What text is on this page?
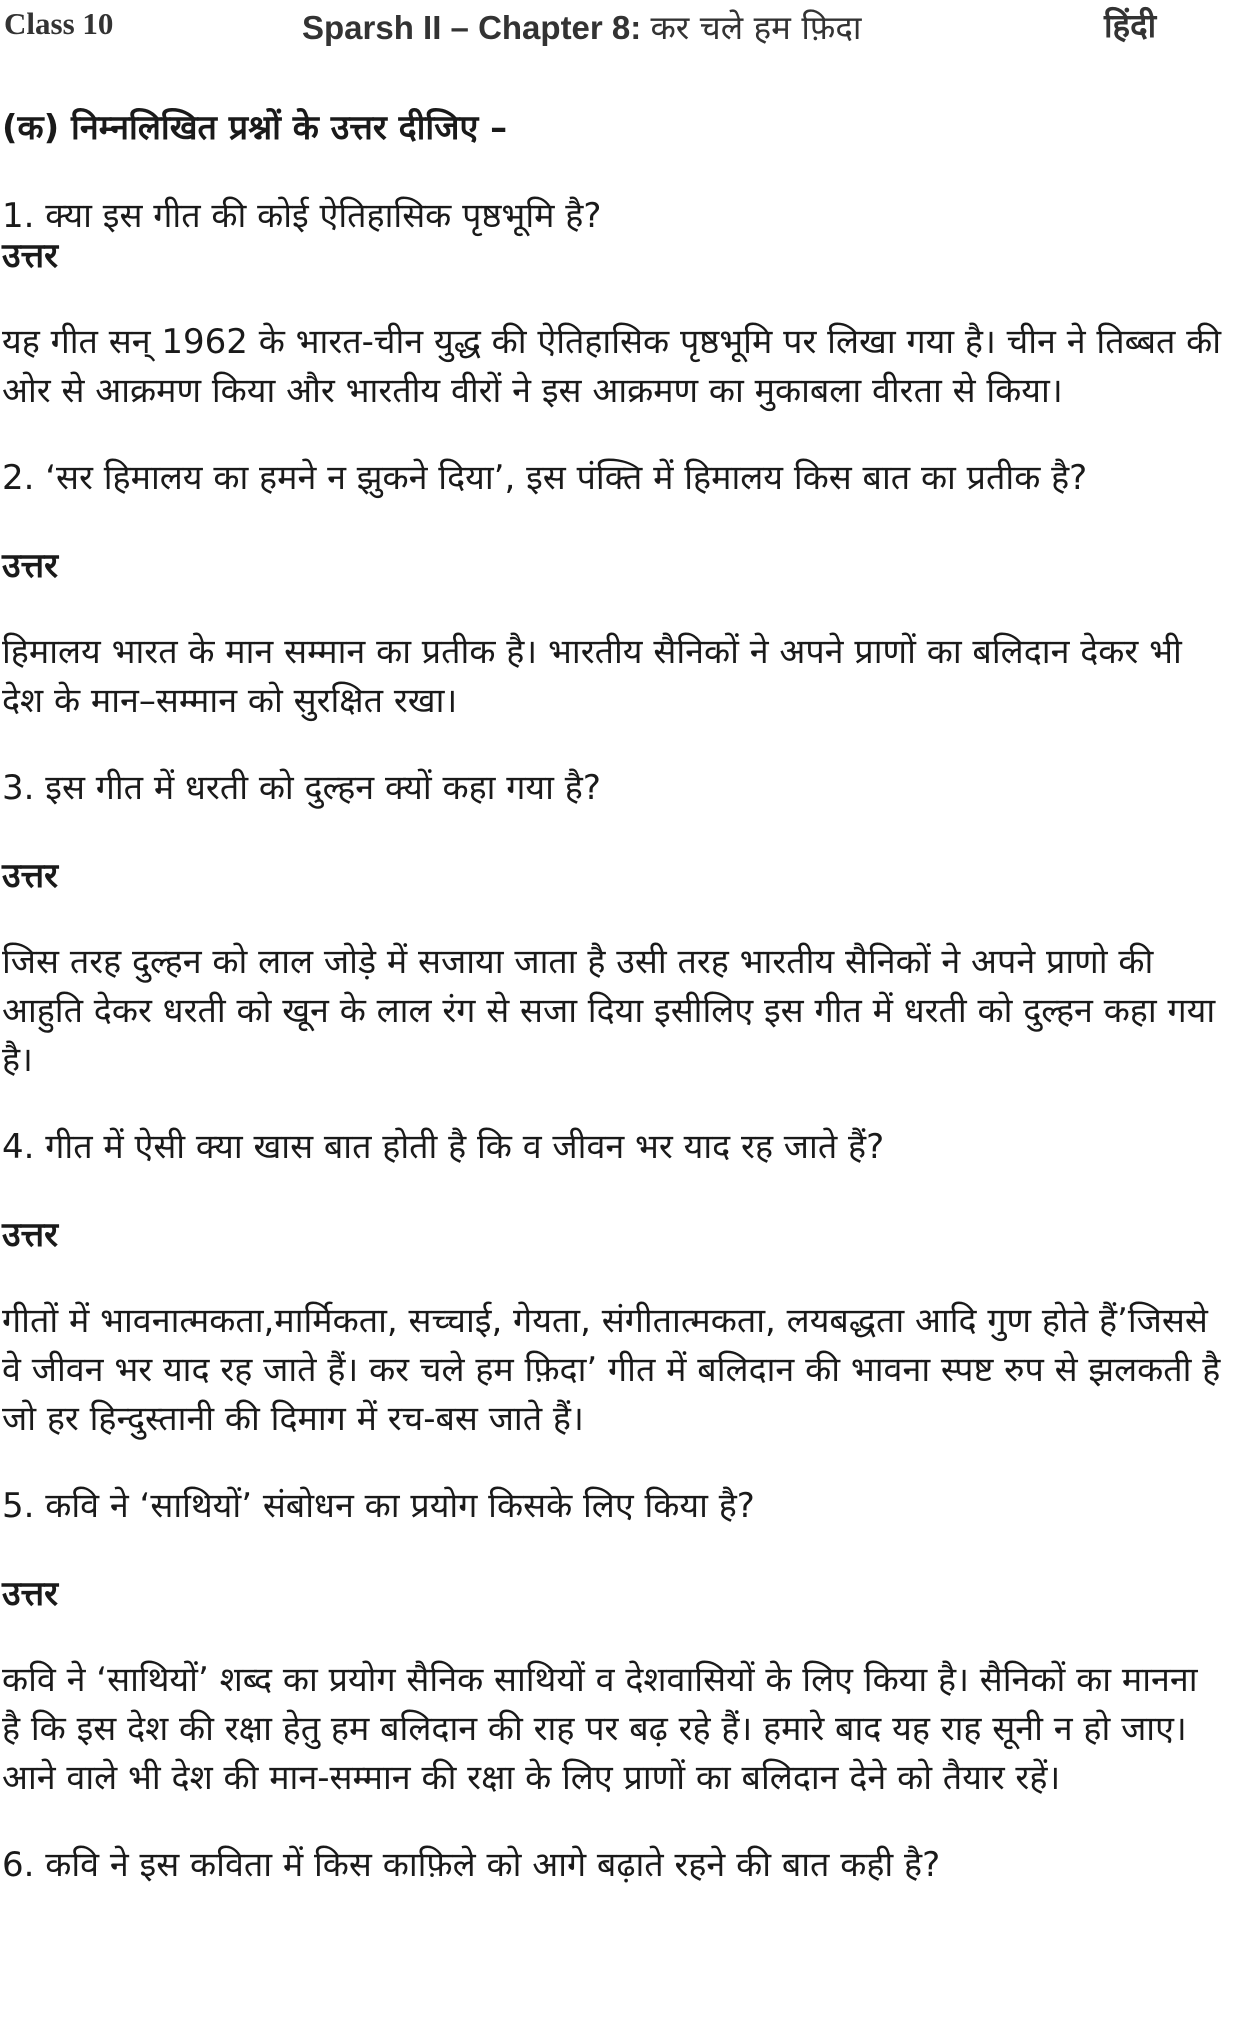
Class 10	Sparsh II – Chapter 8: कर चले हम फ़िदा	हिंदी
(क) निम्नलिखित प्रश्नों के उत्तर दीजिए –

1. क्या इस गीत की कोई ऐतिहासिक पृष्ठभूमि है?

उत्तर

यह गीत सन् 1962 के भारत-चीन युद्ध की ऐतिहासिक पृष्ठभूमि पर लिखा गया है। चीन ने तिब्बत की ओर से आक्रमण किया और भारतीय वीरों ने इस आक्रमण का मुकाबला वीरता से किया।

2. ‘सर हिमालय का हमने न झुकने दिया’, इस पंक्ति में हिमालय किस बात का प्रतीक है?

उत्तर

हिमालय भारत के मान सम्मान का प्रतीक है। भारतीय सैनिकों ने अपने प्राणों का बलिदान देकर भी देश के मान–सम्मान को सुरक्षित रखा।

3. इस गीत में धरती को दुल्हन क्यों कहा गया है?

उत्तर

जिस तरह दुल्हन को लाल जोड़े में सजाया जाता है उसी तरह भारतीय सैनिकों ने अपने प्राणो की आहुति देकर धरती को खून के लाल रंग से सजा दिया इसीलिए इस गीत में धरती को दुल्हन कहा गया है।

4. गीत में ऐसी क्या खास बात होती है कि व जीवन भर याद रह जाते हैं?

उत्तर

गीतों में भावनात्मकता,मार्मिकता, सच्चाई, गेयता, संगीतात्मकता, लयबद्धता आदि गुण होते हैं’जिससे वे जीवन भर याद रह जाते हैं। कर चले हम फ़िदा’ गीत में बलिदान की भावना स्पष्ट रुप से झलकती है जो हर हिन्दुस्तानी की दिमाग में रच-बस जाते हैं।

5. कवि ने ‘साथियों’ संबोधन का प्रयोग किसके लिए किया है?

उत्तर

कवि ने ‘साथियों’ शब्द का प्रयोग सैनिक साथियों व देशवासियों के लिए किया है। सैनिकों का मानना है कि इस देश की रक्षा हेतु हम बलिदान की राह पर बढ़ रहे हैं। हमारे बाद यह राह सूनी न हो जाए। आने वाले भी देश की मान-सम्मान की रक्षा के लिए प्राणों का बलिदान देने को तैयार रहें।

6. कवि ने इस कविता में किस काफ़िले को आगे बढ़ाते रहने की बात कही है?
